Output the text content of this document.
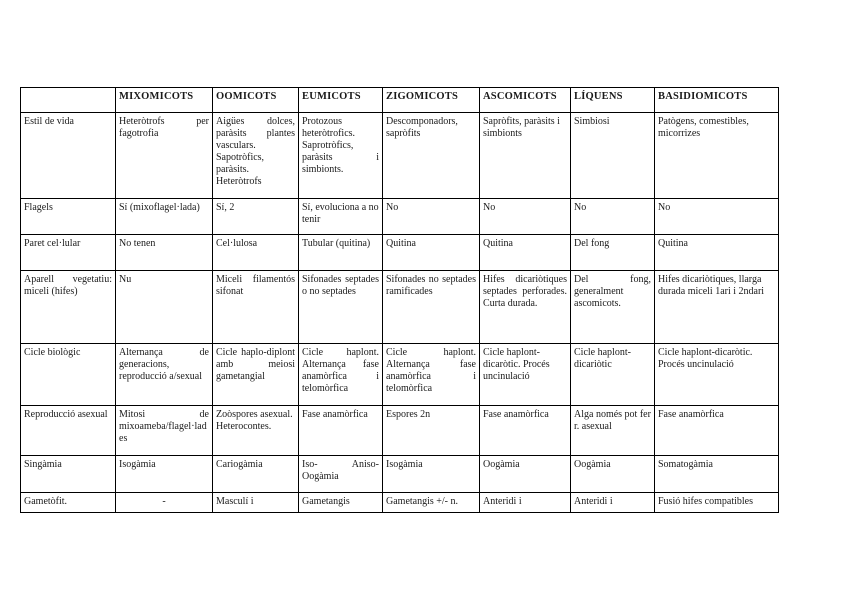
	MIXOMICOTS	OOMICOTS	EUMICOTS	ZIGOMICOTS	ASCOMICOTS	LÍQUENS	BASIDIOMICOTS
Estil de vida	Heteròtrofs per fagotrofia	Aigües dolces, paràsits plantes vasculars. Sapotròfics, paràsits. Heteròtrofs	Protozous heteròtrofics. Saprotròfics, paràsits i simbionts.	Descomponadors, sapròfits	Sapròfits, paràsits i simbionts	Simbiosi	Patògens, comestibles, micorrizes
Flagels	Sí (mixoflagel·lada)	Sí, 2	Sí, evoluciona a no tenir	No	No	No	No
Paret cel·lular	No tenen	Cel·lulosa	Tubular (quitina)	Quitina	Quitina	Del fong	Quitina
Aparell vegetatiu: miceli (hifes)	Nu	Miceli filamentós sifonat	Sifonades septades o no septades	Sifonades no septades ramificades	Hifes dicariòtiques septades perforades. Curta durada.	Del fong, generalment ascomicots.	Hifes dicariòtiques, llarga durada miceli 1ari i 2ndari
Cicle biològic	Alternança de generacions, reproducció a/sexual	Cicle haplo-diplont amb meiosi gametangial	Cicle haplont. Alternança fase anamòrfica i telomòrfica	Cicle haplont. Alternança fase anamòrfica i telomòrfica	Cicle haplont-dicaròtic. Procés uncinulació	Cicle haplont-dicariòtic	Cicle haplont-dicaròtic. Procés uncinulació
Reproducció asexual	Mitosi de mixoameba/flagel·lades	Zoòspores asexual. Heterocontes.	Fase anamòrfica	Espores 2n	Fase anamòrfica	Alga només pot fer r. asexual	Fase anamòrfica
Singàmia	Isogàmia	Cariogàmia	Iso- Aniso- Oogàmia	Isogàmia	Oogàmia	Oogàmia	Somatogàmia
Gametòfit.	-	Masculí i	Gametangis	Gametangis +/- n.	Anteridi i	Anteridi i	Fusió hifes compatibles
